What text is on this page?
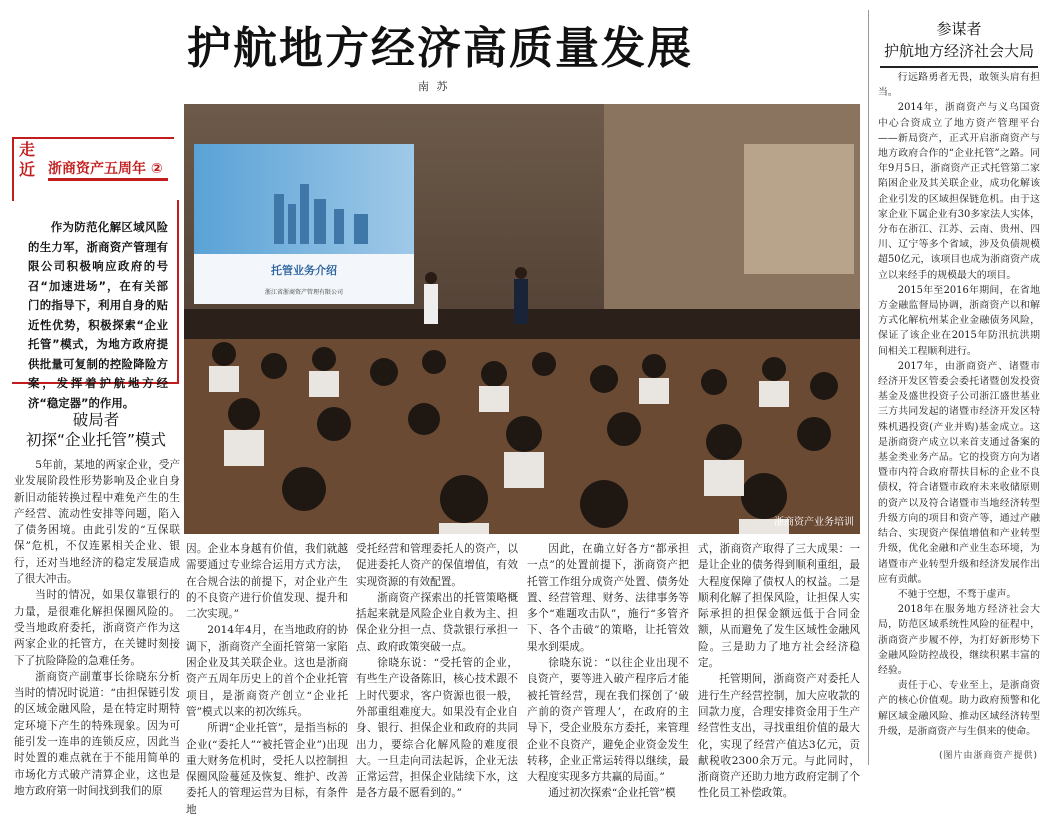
护航地方经济高质量发展
南 苏
参谋者
护航地方经济社会大局
走
近 浙商资产五周年 ②

作为防范化解区域风险的生力军，浙商资产管理有限公司积极响应政府的号召“加速进场”，在有关部门的指导下，利用自身的贴近性优势，积极探索“企业托管”模式，为地方政府提供批量可复制的控险降险方案，发挥着护航地方经济“稳定器”的作用。

破局者
初探“企业托管”模式
托管业务介绍
浙江省浙商资产管理有限公司
浙商资产业务培训

5年前，某地的两家企业，受产业发展阶段性形势影响及企业自身新旧动能转换过程中难免产生的生产经营、流动性安排等问题，陷入了债务困境。由此引发的“互保联保”危机，不仅连累相关企业、银行，还对当地经济的稳定发展造成了很大冲击。

当时的情况，如果仅靠银行的力量，是很难化解担保圈风险的。受当地政府委托，浙商资产作为这两家企业的托管方，在关键时刻接下了抗险降险的急难任务。

浙商资产副董事长徐晓东分析当时的情况时说道：“由担保链引发的区域金融风险，是在特定时期特定环境下产生的特殊现象。因为可能引发一连串的连锁反应，因此当时处置的难点就在于不能用简单的市场化方式破产清算企业，这也是地方政府第一时间找到我们的原

因。企业本身越有价值，我们就越需要通过专业综合运用方式方法，在合规合法的前提下，对企业产生的不良资产进行价值发现、提升和二次实现。”

2014年4月，在当地政府的协调下，浙商资产全面托管第一家陷困企业及其关联企业。这也是浙商资产五周年历史上的首个企业托管项目，是浙商资产创立“企业托管”模式以来的初次练兵。

所谓“企业托管”，是指当标的企业(“委托人”“被托管企业”)出现重大财务危机时，受托人以控制担保圈风险蔓延及恢复、维护、改善委托人的管理运营为目标，有条件地

受托经营和管理委托人的资产，以促进委托人资产的保值增值，有效实现资源的有效配置。

浙商资产探索出的托管策略概括起来就是风险企业自救为主、担保企业分担一点、贷款银行承担一点、政府政策突破一点。

徐晓东说：“受托管的企业，有些生产设备陈旧，核心技术跟不上时代要求，客户资源也很一般，外部重组难度大。如果没有企业自身、银行、担保企业和政府的共同出力，要综合化解风险的难度很大。一旦走向司法起诉，企业无法正常运营，担保企业陆续下水，这是各方最不愿看到的。”

因此，在确立好各方“都承担一点”的处置前提下，浙商资产把托管工作组分成资产处置、债务处置、经营管理、财务、法律事务等多个“难题攻击队”，施行“多管齐下、各个击破”的策略，让托管效果水到渠成。

徐晓东说：“以往企业出现不良资产，要等进入破产程序后才能被托管经营，现在我们探创了‘破产前的资产管理人’，在政府的主导下，受企业股东方委托，来管理企业不良资产，避免企业资金发生转移，企业正常运转得以继续，最大程度实现多方共赢的局面。”

通过初次探索“企业托管”模

式，浙商资产取得了三大成果：一是让企业的债务得到顺利重组，最大程度保障了债权人的权益。二是顺利化解了担保风险，让担保人实际承担的担保金额远低于合同金额，从而避免了发生区域性金融风险。三是助力了地方社会经济稳定。

托管期间，浙商资产对委托人进行生产经营控制，加大应收款的回款力度，合理安排资金用于生产经营性支出，寻找重组价值的最大化，实现了经营产值达3亿元，贡献税收2300余万元。与此同时，浙商资产还助力地方政府定制了个性化员工补偿政策。

行远路勇者无畏，敢领头肩有担当。

2014年，浙商资产与义乌国资中心合资成立了地方资产管理平台——新局资产，正式开启浙商资产与地方政府合作的“企业托管”之路。同年9月5日，浙商资产正式托管第二家陷困企业及其关联企业，成功化解该企业引发的区域担保链危机。由于这家企业下属企业有30多家法人实体，分布在浙江、江苏、云南、贵州、四川、辽宁等多个省域，涉及负债规模超50亿元，该项目也成为浙商资产成立以来经手的规模最大的项目。

2015年至2016年期间，在省地方金融监督局协调，浙商资产以和解方式化解杭州某企业金融债务风险，保证了该企业在2015年防汛抗洪期间相关工程顺利进行。

2017年，由浙商资产、诸暨市经济开发区管委会委托诸暨创发投资基金及盛世投资子公司浙江盛世基业三方共同发起的诸暨市经济开发区特殊机遇投资(产业并购)基金成立。这是浙商资产成立以来首支通过备案的基金类业务产品。它的投资方向为诸暨市内符合政府帮扶目标的企业不良债权，符合诸暨市政府未来收储原则的资产以及符合诸暨市当地经济转型升级方向的项目和资产等，通过产融结合、实现资产保值增值和产业转型升级，优化金融和产业生态环境，为诸暨市产业转型升级和经济发展作出应有贡献。

不驰于空想，不骛于虚声。

2018年在服务地方经济社会大局，防范区域系统性风险的征程中，浙商资产步履不停，为打好新形势下金融风险防控战役，继续积累丰富的经验。

责任于心、专业至上，是浙商资产的核心价值观。助力政府预警和化解区域金融风险、推动区域经济转型升级，是浙商资产与生俱来的使命。

(图片由浙商资产提供)
